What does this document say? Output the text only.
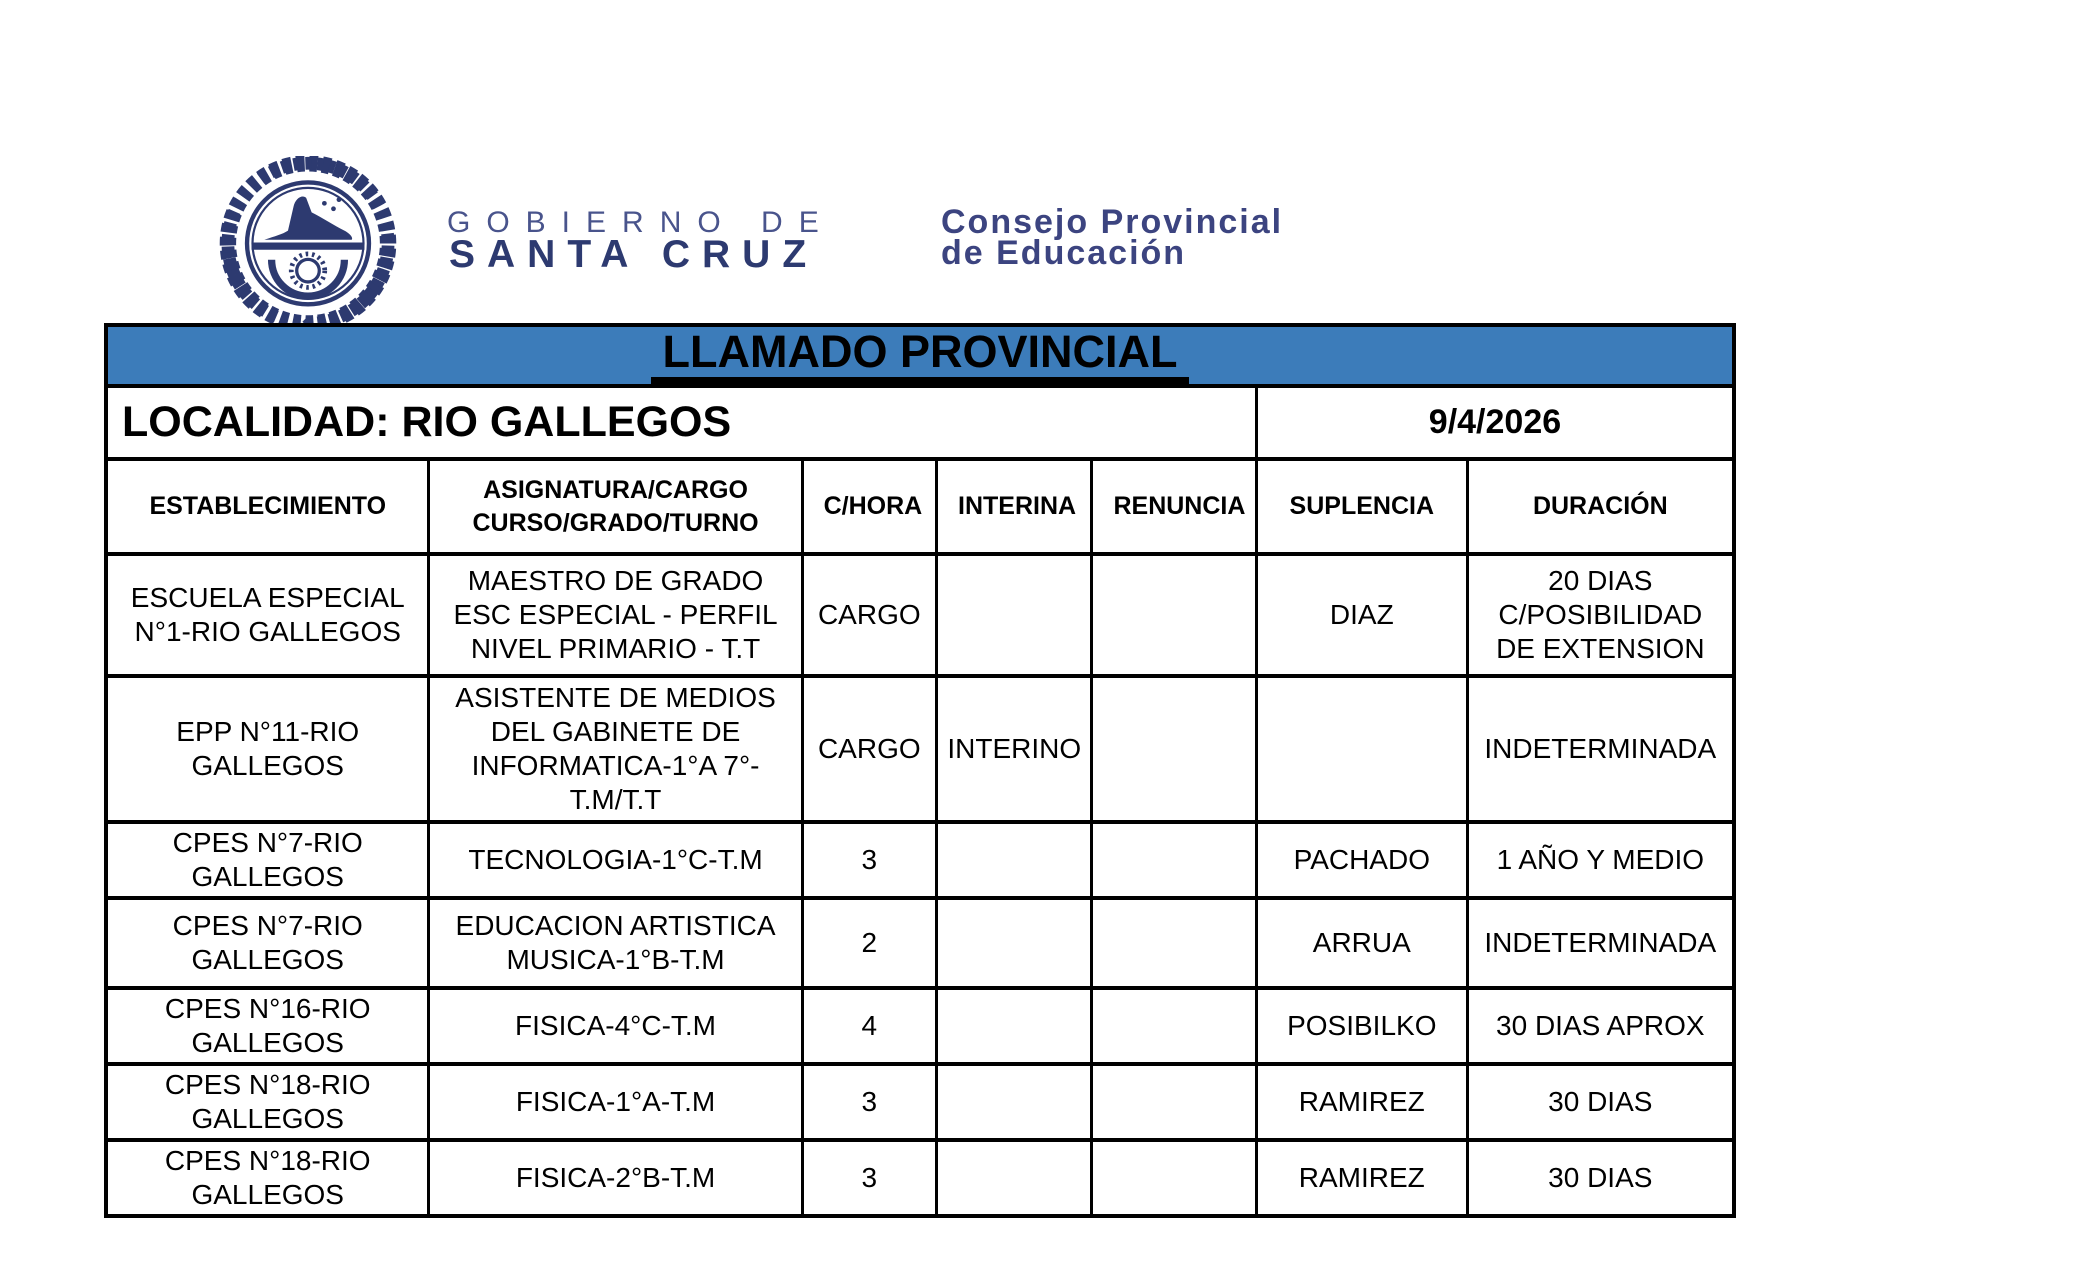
GOBIERNO DE
SANTA CRUZ
Consejo Provincial
de Educación
LLAMADO PROVINCIAL						
LOCALIDAD: RIO GALLEGOS					9/4/2026	
ESTABLECIMIENTO	ASIGNATURA/CARGO CURSO/GRADO/TURNO	C/HORA	INTERINA	RENUNCIA	SUPLENCIA	DURACIÓN
ESCUELA ESPECIAL N°1-RIO GALLEGOS	MAESTRO DE GRADO ESC ESPECIAL - PERFIL NIVEL PRIMARIO - T.T	CARGO			DIAZ	20 DIAS C/POSIBILIDAD DE EXTENSION
EPP N°11-RIO GALLEGOS	ASISTENTE DE MEDIOS DEL GABINETE DE INFORMATICA-1°A 7°-T.M/T.T	CARGO	INTERINO			INDETERMINADA
CPES N°7-RIO GALLEGOS	TECNOLOGIA-1°C-T.M	3			PACHADO	1 AÑO Y MEDIO
CPES N°7-RIO GALLEGOS	EDUCACION ARTISTICA MUSICA-1°B-T.M	2			ARRUA	INDETERMINADA
CPES N°16-RIO GALLEGOS	FISICA-4°C-T.M	4			POSIBILKO	30 DIAS APROX
CPES N°18-RIO GALLEGOS	FISICA-1°A-T.M	3			RAMIREZ	30 DIAS
CPES N°18-RIO GALLEGOS	FISICA-2°B-T.M	3			RAMIREZ	30 DIAS
